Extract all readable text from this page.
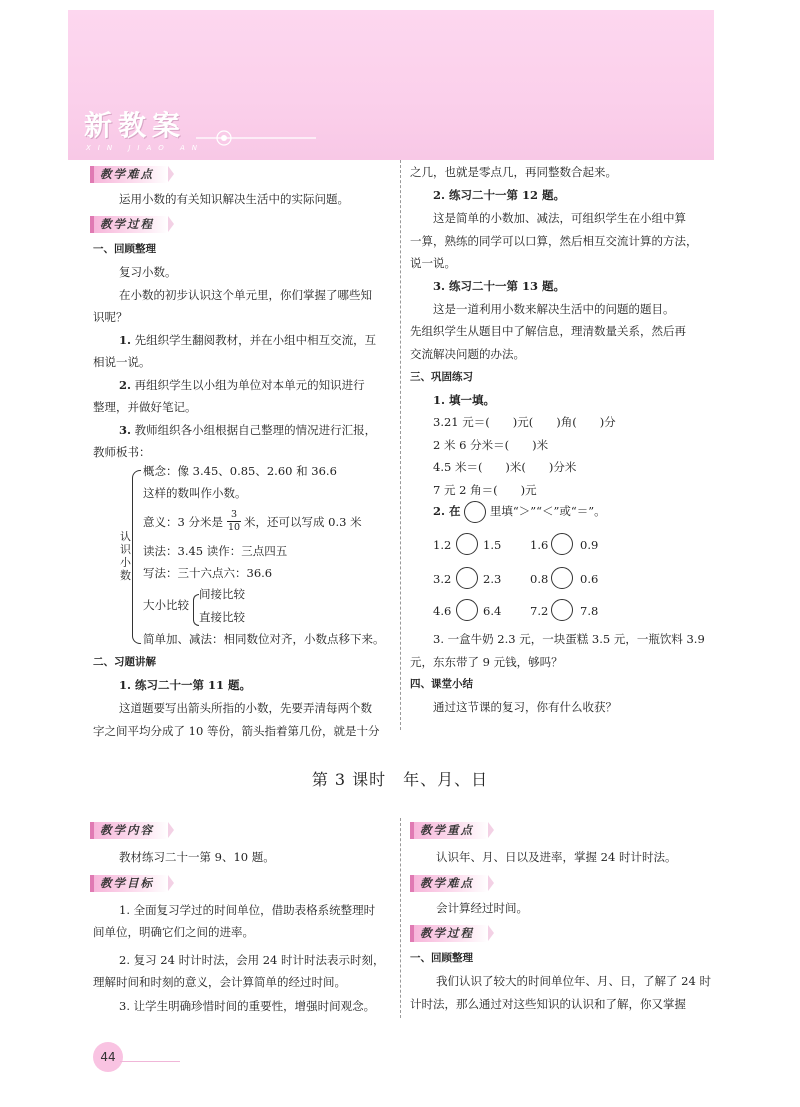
新教案
XIN JIAO AN
教学难点
运用小数的有关知识解决生活中的实际问题。
教学过程
一、回顾整理
复习小数。
在小数的初步认识这个单元里，你们掌握了哪些知
识呢？
1. 先组织学生翻阅教材，并在小组中相互交流，互
相说一说。
2. 再组织学生以小组为单位对本单元的知识进行
整理，并做好笔记。
3. 教师组织各小组根据自己整理的情况进行汇报，
教师板书：
认
识
小
数
概念：像 3.45、0.85、2.60 和 36.6
这样的数叫作小数。
意义：3 分米是
3
10 米，还可以写成 0.3 米
读法：3.45 读作：三点四五
写法：三十六点六：36.6
大小比较
间接比较
直接比较
简单加、减法：相同数位对齐，小数点移下来。
二、习题讲解
1. 练习二十一第 11 题。
这道题要写出箭头所指的小数，先要弄清每两个数
字之间平均分成了 10 等份，箭头指着第几份，就是十分
之几，也就是零点几，再同整数合起来。
2. 练习二十一第 12 题。
这是简单的小数加、减法，可组织学生在小组中算
一算，熟练的同学可以口算，然后相互交流计算的方法，
说一说。
3. 练习二十一第 13 题。
这是一道利用小数来解决生活中的问题的题目。
先组织学生从题目中了解信息，理清数量关系，然后再
交流解决问题的办法。
三、巩固练习
1. 填一填。
3.21 元＝(　　)元(　　)角(　　)分
2 米 6 分米＝(　　)米
4.5 米＝(　　)米(　　)分米
7 元 2 角＝(　　)元
2. 在	里填“＞”“＜”或“＝”。
1.2	1.5 1.6	0.9
3.2	2.3 0.8	0.6
4.6	6.4 7.2	7.8
3. 一盒牛奶 2.3 元，一块蛋糕 3.5 元，一瓶饮料 3.9
元，东东带了 9 元钱，够吗？
四、课堂小结
通过这节课的复习，你有什么收获？
第 3 课时　年、月、日
教学内容
教材练习二十一第 9、10 题。
教学目标
1. 全面复习学过的时间单位，借助表格系统整理时
间单位，明确它们之间的进率。
2. 复习 24 时计时法，会用 24 时计时法表示时刻，
理解时间和时刻的意义，会计算简单的经过时间。
3. 让学生明确珍惜时间的重要性，增强时间观念。
教学重点
认识年、月、日以及进率，掌握 24 时计时法。
教学难点
会计算经过时间。
教学过程
一、回顾整理
我们认识了较大的时间单位年、月、日，了解了 24 时
计时法，那么通过对这些知识的认识和了解，你又掌握
44
